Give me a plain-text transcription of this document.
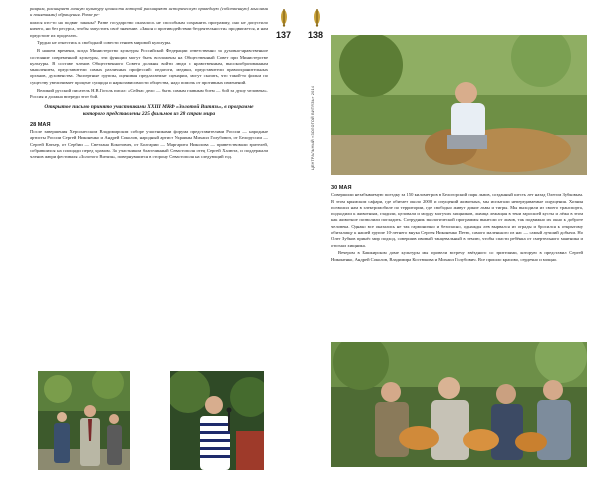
137

ранрам, расширяет личную культуру ценности которой расширяют историческую праведную (собственную) мыслями и понятиями) обращения. Разве ре-

шился кто-то на подвиг законы? Разве государство оказалось не способным сохранить программу, оно не допустило ничего, ни без ресурса, чтобы запустить своё значение. «Закон о противодействии бездеятельности» продвигается, и нам предстоит их проделать.

Трудно не отнестись к свободной совести гениев мировой культуры.

В нашем времени, когда Министерство культуры Российской Федерации ответственно за духовно-нравственное состояние современной культуры, эти функции могут быть возложены на Общественный Совет при Министерстве культуры. В составе членов Общественного Совета должны войти люди с нравственным, высокообразованным мышлением, представители самых различных профессий: педагоги, медики, представители правоохранительных органов, духовенства. Экспертные группы, оценивая предлагаемые сценарии, могут сказать, что такой-то фильм по существу увеличивает процент суицида и наркозависимости общества, надо помочь от противных изменений.

Великий русский писатель Н.В.Гоголь писал: «Сейчас дело — быть самым главным боем — бой за душу человека». Россия и должна впереди этот бой.

Открытое письмо принято участниками XXIII МКФ «Золотой Витязь», в программе которого представлены 225 фильмов из 28 стран мира

28 МАЯ

После завершения Херсонесском Владимирском соборе участниками форума представителями России — народные артисты России Сергей Никоненко и Андрей Соколов, народный артист Украины Михаил Голубович, от Белоруссии — Сергей Катьер, от Сербии — Светлана Кокотович, от Болгарии — Маргарита Николова — приветствовали зрителей, собравшихся на площади перед храмом. За участником благочинный Севастополя отец Сергей Халюта, и поддержали членов жюри фестиваля «Золотого Витязя», повернувшиеся в сторону Севастополя на следующий год.

138
ЦЕНТРАЛЬНЫЙ «ЗОЛОТОЙ ВИТЯЗЬ» 2014
30 МАЯ

Совершили незабываемую поездку за 150 километров в Белогорский парк львов, созданный шесть лет назад Олегом Зубковым. В этом крымском сафари, где обитает около 2000 и опущений животных, мы испытали непередаваемые ощущения. Хозяин позволил нам в электромобиле по территории, где свободно живут дикие львы и тигры. Мы выходили из своего транспорта, подходили к животным, гладили, целовали и морду могучих хищников, львица лежащая в тени заросшей кусты и лёжа в этом как животное позволили погладить. Сотрудник экологической программы вынесли от львов, так подвижно их окно к доброте человека. Однако все оказались не так гармонично и безопасно, однажды лев вырвался из ограды и бросился к открытому обиталищу к нашей группе 10-летнего внука Сергея Никоненко Петю, самого маленького из нас — самый лучший добычи. Но Олег Зубков принёс мир подход, совершив ивовый танцевальный в землю, чтобы спасти ребёнка от смертельного маятника и отогнал хищника.

Вечером в Башкирском доме культуры мы провели встречу звёздного со зрителями, которую в представил Сергей Никоненко, Андрей Соколов, Владимира Костюкова и Михаил Голубович. Все прошло красиво, сердечно и мощно.
